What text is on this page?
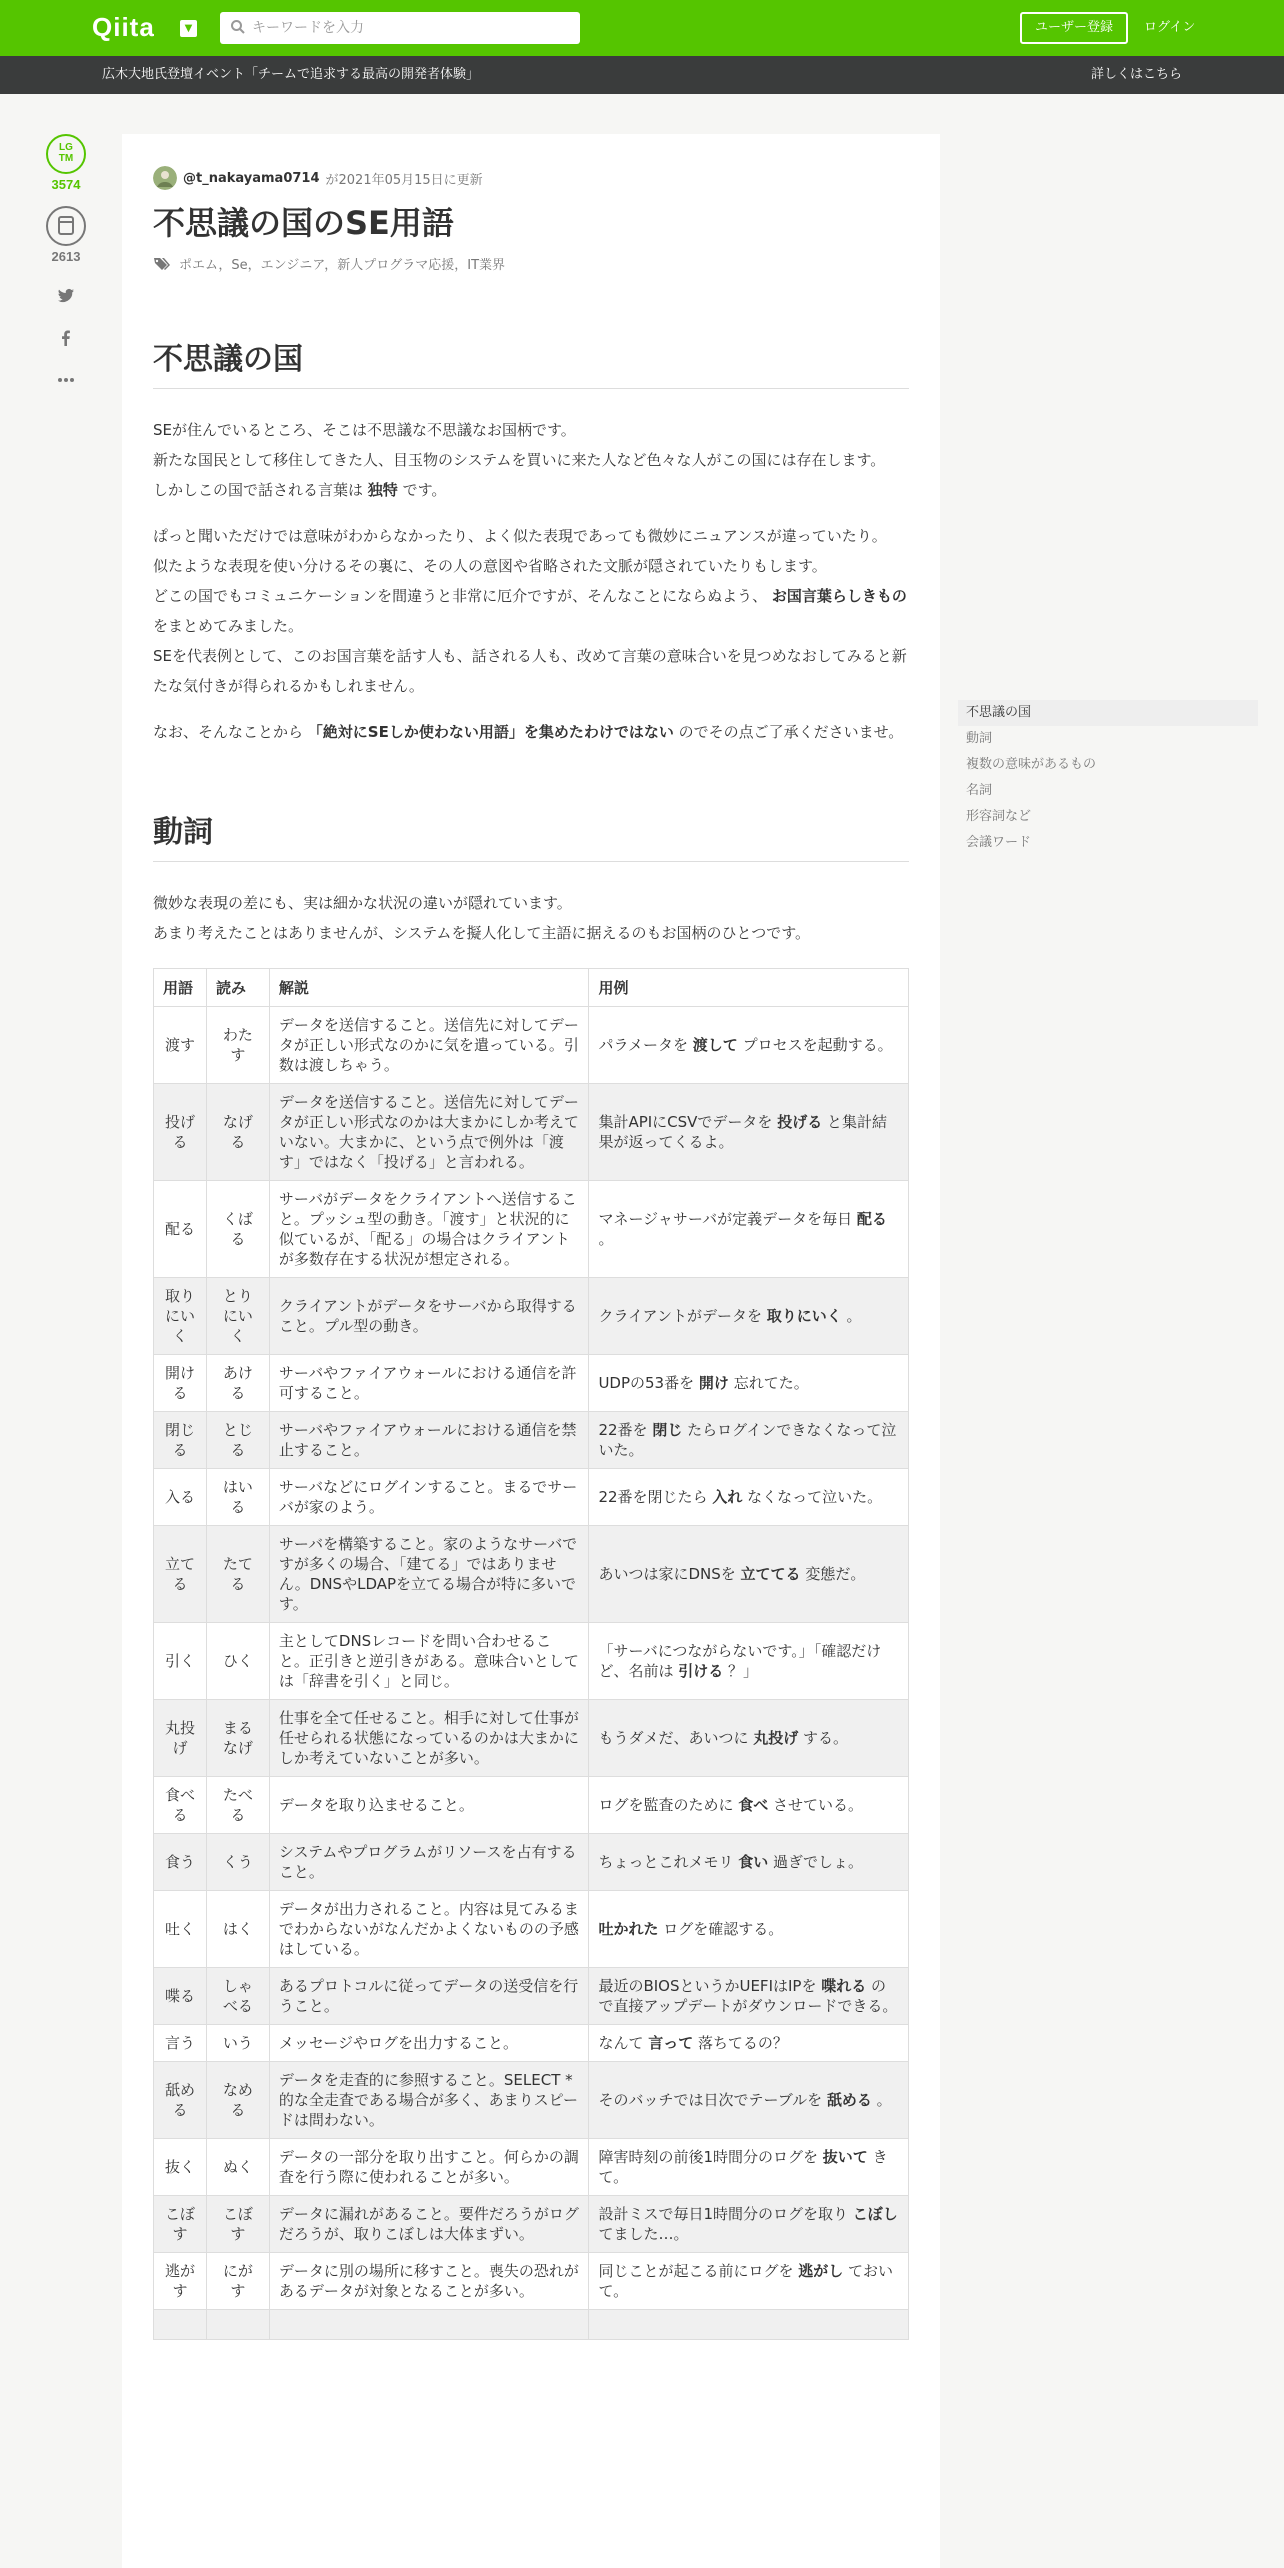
Qiita	▼
キーワードを入力	ユーザー登録	ログイン
広木大地氏登壇イベント「チームで追求する最高の開発者体験」	詳しくはこちら
LG
TM
3574
2613
@t_nakayama0714 が2021年05月15日に更新
不思議の国のSE用語
ポエム，Se，エンジニア，新人プログラマ応援，IT業界
不思議の国
SEが住んでいるところ、そこは不思議な不思議なお国柄です。
新たな国民として移住してきた人、目玉物のシステムを買いに来た人など色々な人がこの国には存在します。
しかしこの国で話される言葉は 独特 です。
ぱっと聞いただけでは意味がわからなかったり、よく似た表現であっても微妙にニュアンスが違っていたり。
似たような表現を使い分けるその裏に、その人の意図や省略された文脈が隠されていたりもします。
どこの国でもコミュニケーションを間違うと非常に厄介ですが、そんなことにならぬよう、 お国言葉らしきもの をまとめてみました。
SEを代表例として、このお国言葉を話す人も、話される人も、改めて言葉の意味合いを見つめなおしてみると新たな気付きが得られるかもしれません。
なお、そんなことから 「絶対にSEしか使わない用語」を集めたわけではない のでその点ご了承くださいませ。
動詞
微妙な表現の差にも、実は細かな状況の違いが隠れています。
あまり考えたことはありませんが、システムを擬人化して主語に据えるのもお国柄のひとつです。
用語	読み	解説	用例
渡す	わたす	データを送信すること。送信先に対してデータが正しい形式なのかに気を遣っている。引数は渡しちゃう。	パラメータを 渡して プロセスを起動する。
投げる	なげる	データを送信すること。送信先に対してデータが正しい形式なのかは大まかにしか考えていない。大まかに、という点で例外は「渡す」ではなく「投げる」と言われる。	集計APIにCSVでデータを 投げる と集計結果が返ってくるよ。
配る	くばる	サーバがデータをクライアントへ送信すること。プッシュ型の動き。「渡す」と状況的に似ているが、「配る」の場合はクライアントが多数存在する状況が想定される。	マネージャサーバが定義データを毎日 配る 。
取りにいく	とりにいく	クライアントがデータをサーバから取得すること。プル型の動き。	クライアントがデータを 取りにいく 。
開ける	あける	サーバやファイアウォールにおける通信を許可すること。	UDPの53番を 開け 忘れてた。
閉じる	とじる	サーバやファイアウォールにおける通信を禁止すること。	22番を 閉じ たらログインできなくなって泣いた。
入る	はいる	サーバなどにログインすること。まるでサーバが家のよう。	22番を閉じたら 入れ なくなって泣いた。
立てる	たてる	サーバを構築すること。家のようなサーバですが多くの場合、「建てる」ではありません。DNSやLDAPを立てる場合が特に多いです。	あいつは家にDNSを 立ててる 変態だ。
引く	ひく	主としてDNSレコードを問い合わせること。正引きと逆引きがある。意味合いとしては「辞書を引く」と同じ。	「サーバにつながらないです。」「確認だけど、名前は 引ける ？」
丸投げ	まるなげ	仕事を全て任せること。相手に対して仕事が任せられる状態になっているのかは大まかにしか考えていないことが多い。	もうダメだ、あいつに 丸投げ する。
食べる	たべる	データを取り込ませること。	ログを監査のために 食べ させている。
食う	くう	システムやプログラムがリソースを占有すること。	ちょっとこれメモリ 食い 過ぎでしょ。
吐く	はく	データが出力されること。内容は見てみるまでわからないがなんだかよくないものの予感はしている。	吐かれた ログを確認する。
喋る	しゃべる	あるプロトコルに従ってデータの送受信を行うこと。	最近のBIOSというかUEFIはIPを 喋れる ので直接アップデートがダウンロードできる。
言う	いう	メッセージやログを出力すること。	なんて 言って 落ちてるの？
舐める	なめる	データを走査的に参照すること。SELECT * 的な全走査である場合が多く、あまりスピードは問わない。	そのバッチでは日次でテーブルを 舐める 。
抜く	ぬく	データの一部分を取り出すこと。何らかの調査を行う際に使われることが多い。	障害時刻の前後1時間分のログを 抜いて きて。
こぼす	こぼす	データに漏れがあること。要件だろうがログだろうが、取りこぼしは大体まずい。	設計ミスで毎日1時間分のログを取り こぼし てました…。
逃がす	にがす	データに別の場所に移すこと。喪失の恐れがあるデータが対象となることが多い。	同じことが起こる前にログを 逃がし ておいて。

不思議の国
動詞
複数の意味があるもの
名詞
形容詞など
会議ワード
